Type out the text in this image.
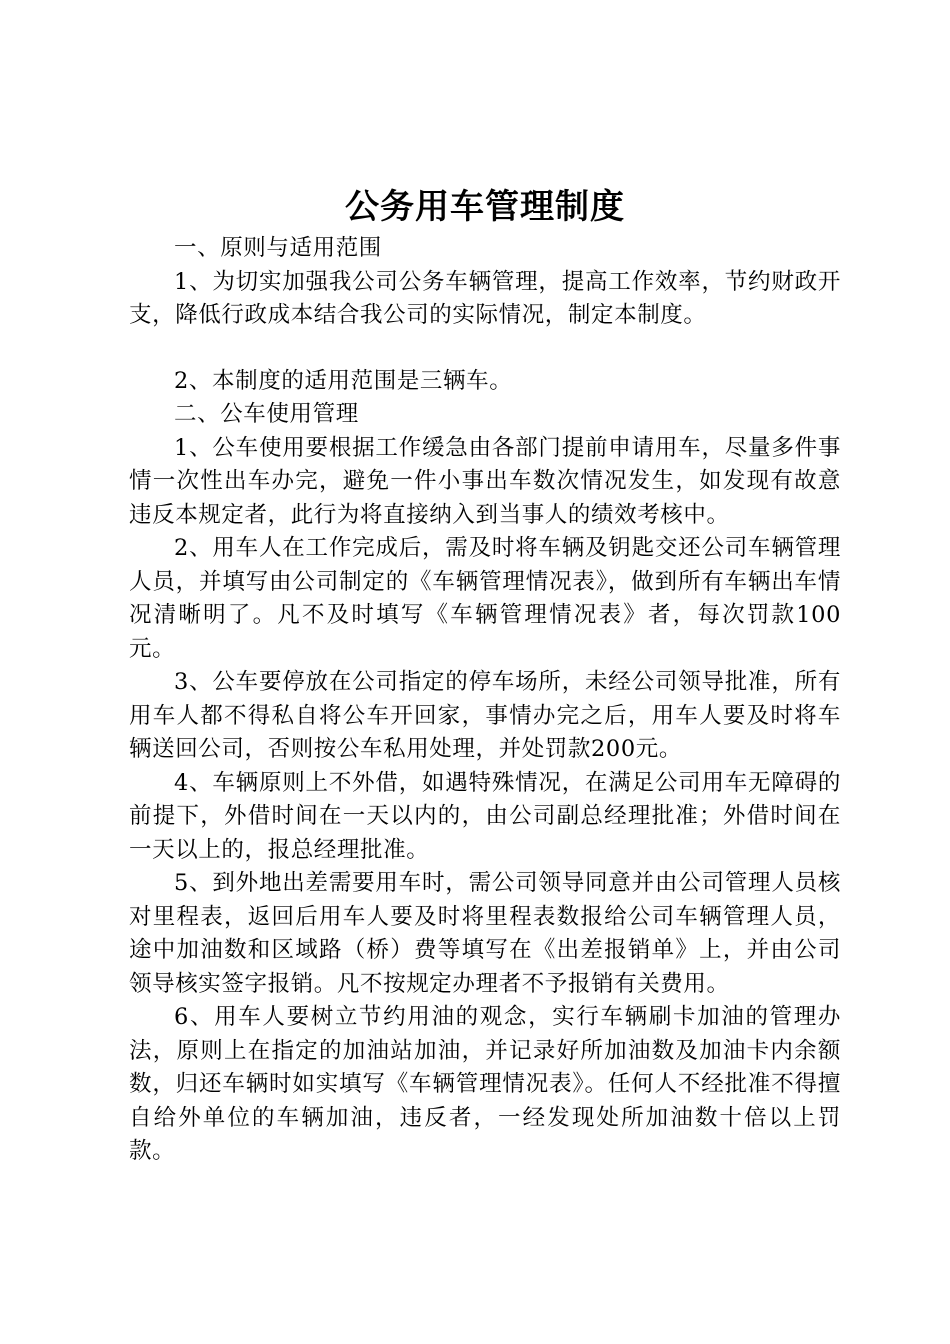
公务用车管理制度

一、原则与适用范围

1、为切实加强我公司公务车辆管理，提高工作效率，节约财政开支，降低行政成本结合我公司的实际情况，制定本制度。

2、本制度的适用范围是三辆车。

二、公车使用管理

1、公车使用要根据工作缓急由各部门提前申请用车，尽量多件事情一次性出车办完，避免一件小事出车数次情况发生，如发现有故意违反本规定者，此行为将直接纳入到当事人的绩效考核中。

2、用车人在工作完成后，需及时将车辆及钥匙交还公司车辆管理人员，并填写由公司制定的《车辆管理情况表》，做到所有车辆出车情况清晰明了。凡不及时填写《车辆管理情况表》者，每次罚款100元。

3、公车要停放在公司指定的停车场所，未经公司领导批准，所有用车人都不得私自将公车开回家，事情办完之后，用车人要及时将车辆送回公司，否则按公车私用处理，并处罚款200元。

4、车辆原则上不外借，如遇特殊情况，在满足公司用车无障碍的前提下，外借时间在一天以内的，由公司副总经理批准；外借时间在一天以上的，报总经理批准。

5、到外地出差需要用车时，需公司领导同意并由公司管理人员核对里程表，返回后用车人要及时将里程表数报给公司车辆管理人员，途中加油数和区域路（桥）费等填写在《出差报销单》上，并由公司领导核实签字报销。凡不按规定办理者不予报销有关费用。

6、用车人要树立节约用油的观念，实行车辆刷卡加油的管理办法，原则上在指定的加油站加油，并记录好所加油数及加油卡内余额数，归还车辆时如实填写《车辆管理情况表》。任何人不经批准不得擅自给外单位的车辆加油，违反者，一经发现处所加油数十倍以上罚款。
